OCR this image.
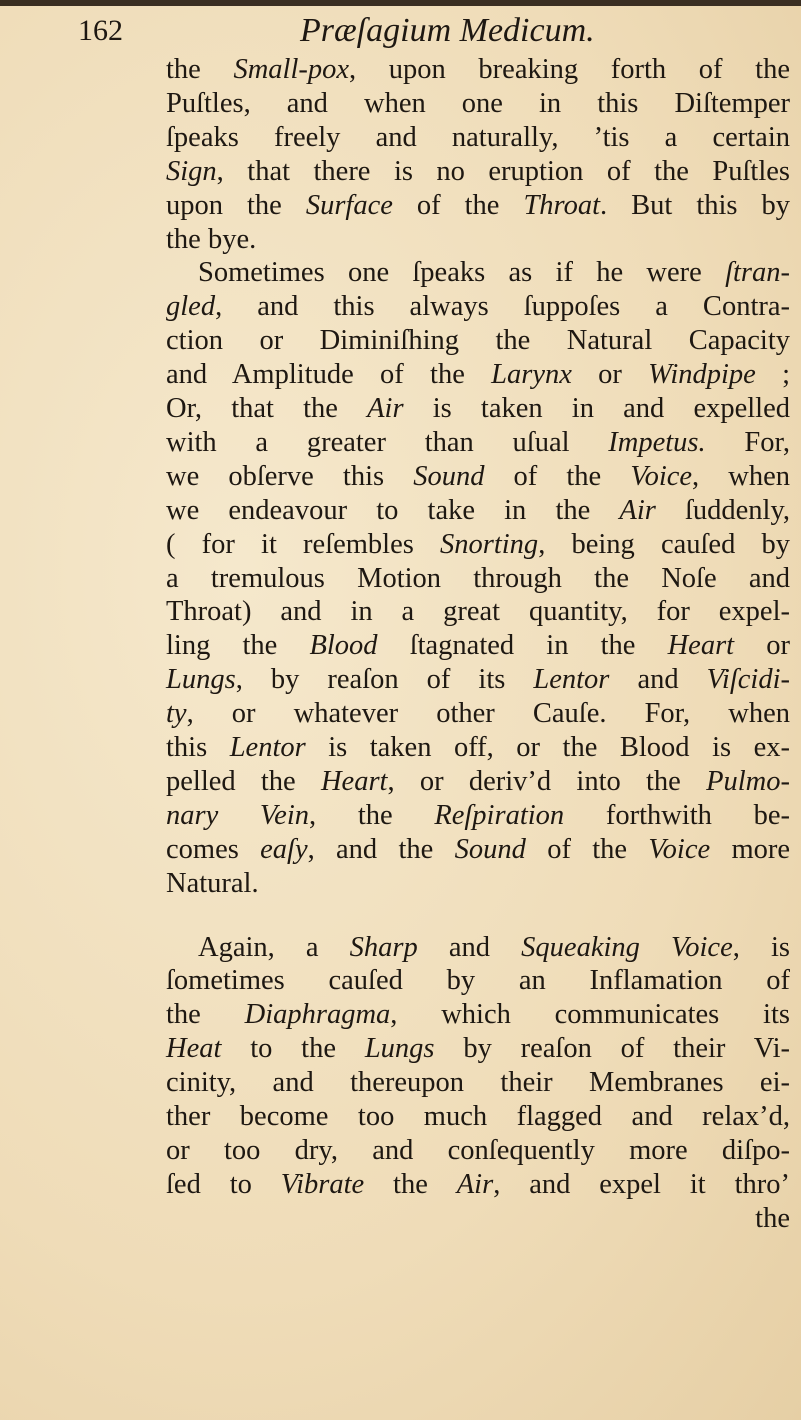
162	Præſagium Medicum.
the Small-pox, upon breaking forth of the
Puſtles, and when one in this Diſtemper
ſpeaks freely and naturally, ’tis a certain
Sign, that there is no eruption of the Puſtles
upon the Surface of the Throat. But this by
the bye.
Sometimes one ſpeaks as if he were ſtran-
gled, and this always ſuppoſes a Contra-
ction or Diminiſhing the Natural Capacity
and Amplitude of the Larynx or Windpipe ;
Or, that the Air is taken in and expelled
with a greater than uſual Impetus. For,
we obſerve this Sound of the Voice, when
we endeavour to take in the Air ſuddenly,
( for it reſembles Snorting, being cauſed by
a tremulous Motion through the Noſe and
Throat) and in a great quantity, for expel-
ling the Blood ſtagnated in the Heart or
Lungs, by reaſon of its Lentor and Viſcidi-
ty, or whatever other Cauſe. For, when
this Lentor is taken off, or the Blood is ex-
pelled the Heart, or deriv’d into the Pulmo-
nary Vein, the Reſpiration forthwith be-
comes eaſy, and the Sound of the Voice more
Natural.
Again, a Sharp and Squeaking Voice, is
ſometimes cauſed by an Inflamation of
the Diaphragma, which communicates its
Heat to the Lungs by reaſon of their Vi-
cinity, and thereupon their Membranes ei-
ther become too much flagged and relax’d,
or too dry, and conſequently more diſpo-
ſed to Vibrate the Air, and expel it thro’
the
